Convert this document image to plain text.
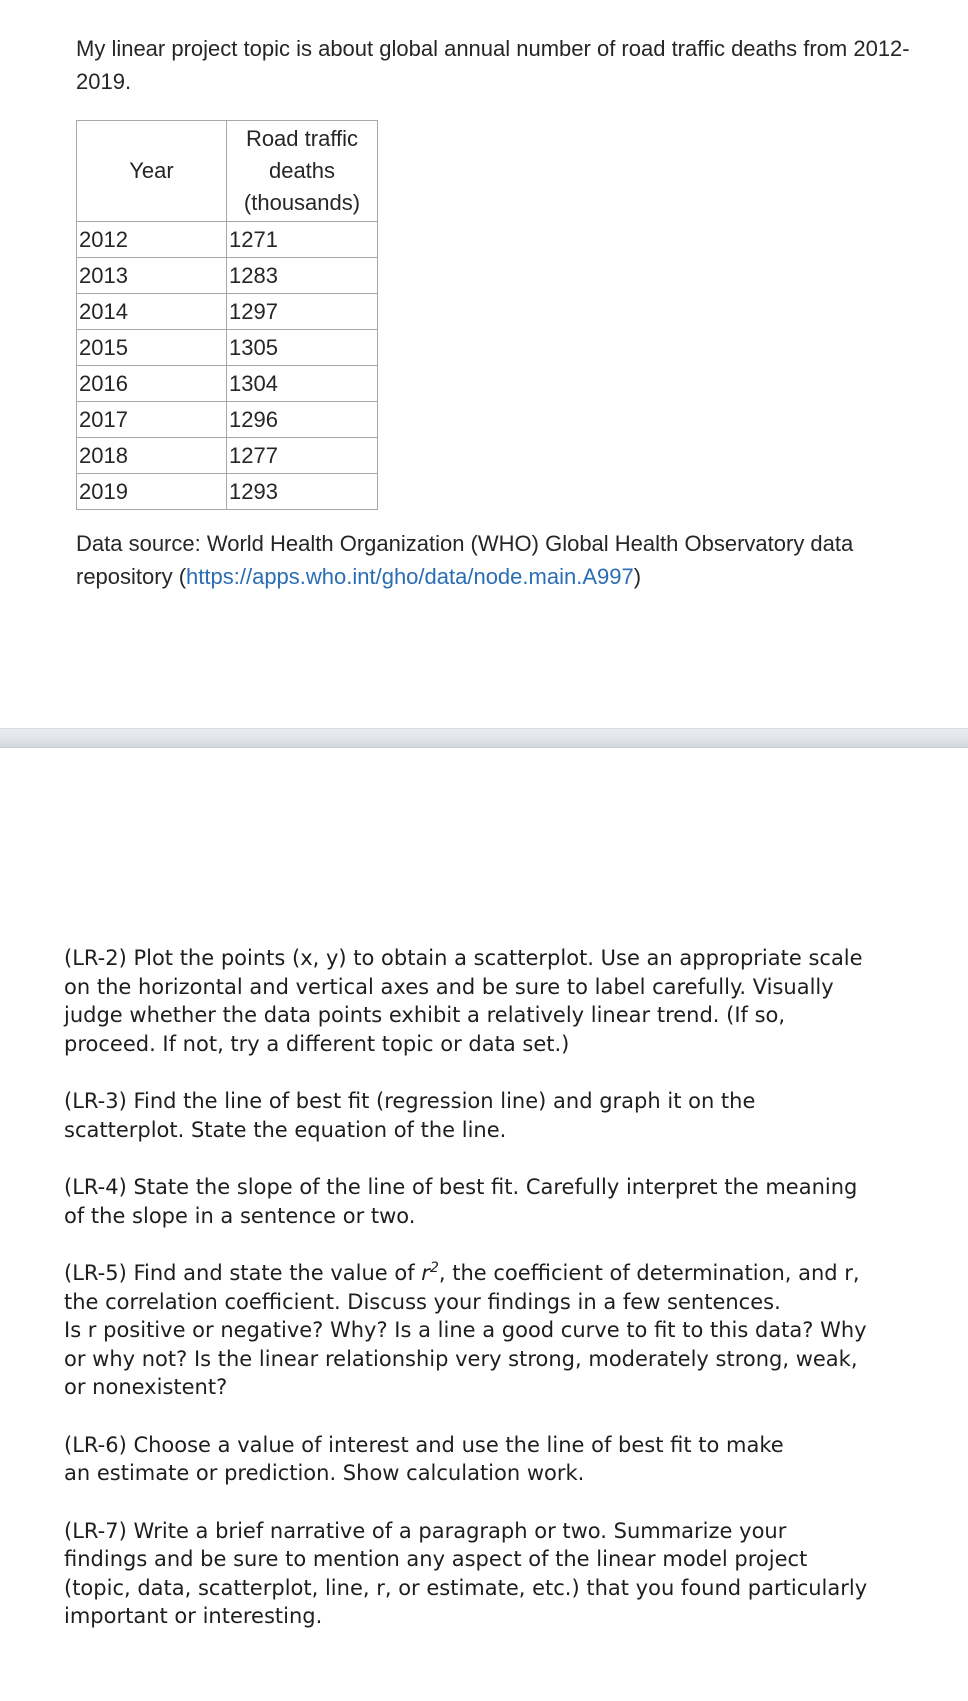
My linear project topic is about global annual number of road traffic deaths from 2012-2019.

Year	Road traffic deaths (thousands)
2012	1271
2013	1283
2014	1297
2015	1305
2016	1304
2017	1296
2018	1277
2019	1293

Data source: World Health Organization (WHO) Global Health Observatory data repository (https://apps.who.int/gho/data/node.main.A997)

(LR-2) Plot the points (x, y) to obtain a scatterplot. Use an appropriate scale
on the horizontal and vertical axes and be sure to label carefully. Visually
judge whether the data points exhibit a relatively linear trend. (If so,
proceed. If not, try a different topic or data set.)

(LR-3) Find the line of best fit (regression line) and graph it on the
scatterplot. State the equation of the line.

(LR-4) State the slope of the line of best fit. Carefully interpret the meaning
of the slope in a sentence or two.

(LR-5) Find and state the value of $r^2$, the coefficient of determination, and r,
the correlation coefficient. Discuss your findings in a few sentences.
Is r positive or negative? Why? Is a line a good curve to fit to this data? Why
or why not? Is the linear relationship very strong, moderately strong, weak,
or nonexistent?

(LR-6) Choose a value of interest and use the line of best fit to make
an estimate or prediction. Show calculation work.

(LR-7) Write a brief narrative of a paragraph or two. Summarize your
findings and be sure to mention any aspect of the linear model project
(topic, data, scatterplot, line, r, or estimate, etc.) that you found particularly
important or interesting.
